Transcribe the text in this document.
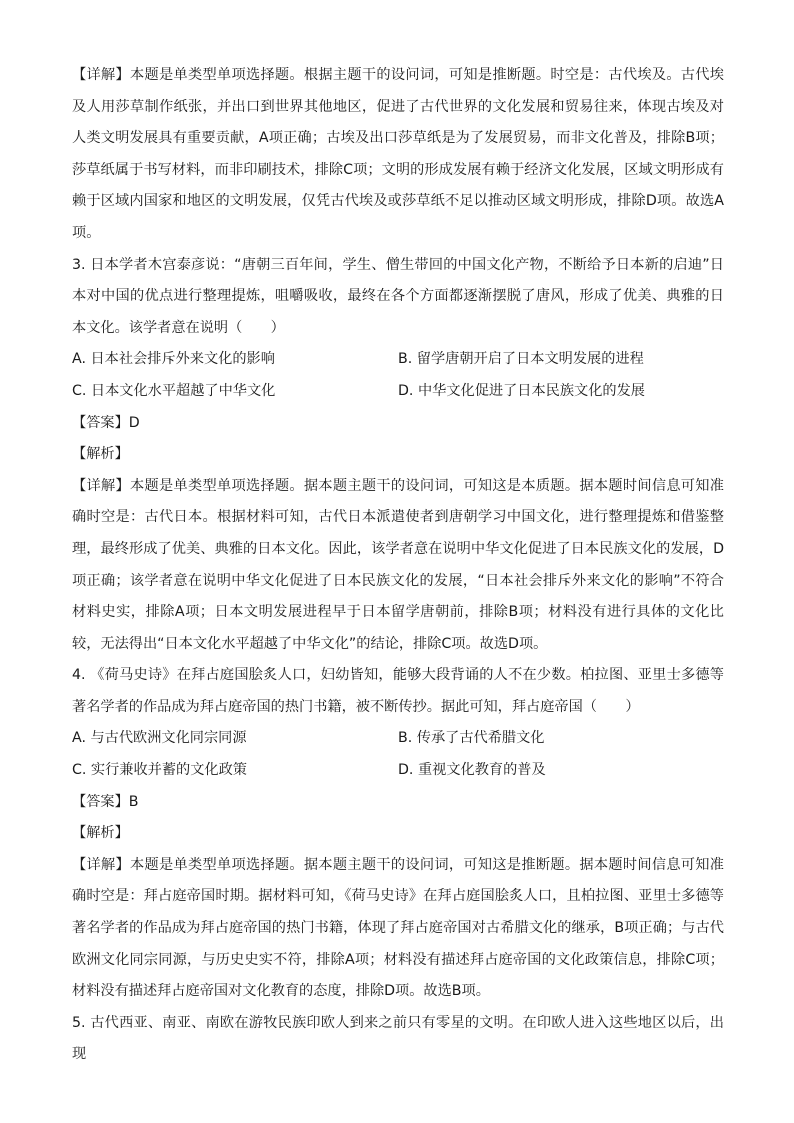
【详解】本题是单类型单项选择题。根据主题干的设问词，可知是推断题。时空是：古代埃及。古代埃及人用莎草制作纸张，并出口到世界其他地区，促进了古代世界的文化发展和贸易往来，体现古埃及对人类文明发展具有重要贡献，A项正确；古埃及出口莎草纸是为了发展贸易，而非文化普及，排除B项；莎草纸属于书写材料，而非印刷技术，排除C项；文明的形成发展有赖于经济文化发展，区域文明形成有赖于区域内国家和地区的文明发展，仅凭古代埃及或莎草纸不足以推动区域文明形成，排除D项。故选A项。

3. 日本学者木宫泰彦说：“唐朝三百年间，学生、僧生带回的中国文化产物，不断给予日本新的启迪”日本对中国的优点进行整理提炼，咀嚼吸收，最终在各个方面都逐渐摆脱了唐风，形成了优美、典雅的日本文化。该学者意在说明（　　）

A. 日本社会排斥外来文化的影响	B. 留学唐朝开启了日本文明发展的进程
C. 日本文化水平超越了中华文化	D. 中华文化促进了日本民族文化的发展

【答案】D

【解析】

【详解】本题是单类型单项选择题。据本题主题干的设问词，可知这是本质题。据本题时间信息可知准确时空是：古代日本。根据材料可知，古代日本派遣使者到唐朝学习中国文化，进行整理提炼和借鉴整理，最终形成了优美、典雅的日本文化。因此，该学者意在说明中华文化促进了日本民族文化的发展，D项正确；该学者意在说明中华文化促进了日本民族文化的发展，“日本社会排斥外来文化的影响”不符合材料史实，排除A项；日本文明发展进程早于日本留学唐朝前，排除B项；材料没有进行具体的文化比较，无法得出“日本文化水平超越了中华文化”的结论，排除C项。故选D项。

4. 《荷马史诗》在拜占庭国脍炙人口，妇幼皆知，能够大段背诵的人不在少数。柏拉图、亚里士多德等著名学者的作品成为拜占庭帝国的热门书籍，被不断传抄。据此可知，拜占庭帝国（　　）

A. 与古代欧洲文化同宗同源	B. 传承了古代希腊文化
C. 实行兼收并蓄的文化政策	D. 重视文化教育的普及

【答案】B

【解析】

【详解】本题是单类型单项选择题。据本题主题干的设问词，可知这是推断题。据本题时间信息可知准确时空是：拜占庭帝国时期。据材料可知，《荷马史诗》在拜占庭国脍炙人口，且柏拉图、亚里士多德等著名学者的作品成为拜占庭帝国的热门书籍，体现了拜占庭帝国对古希腊文化的继承，B项正确；与古代欧洲文化同宗同源，与历史史实不符，排除A项；材料没有描述拜占庭帝国的文化政策信息，排除C项；材料没有描述拜占庭帝国对文化教育的态度，排除D项。故选B项。

5. 古代西亚、南亚、南欧在游牧民族印欧人到来之前只有零星的文明。在印欧人进入这些地区以后，出现
